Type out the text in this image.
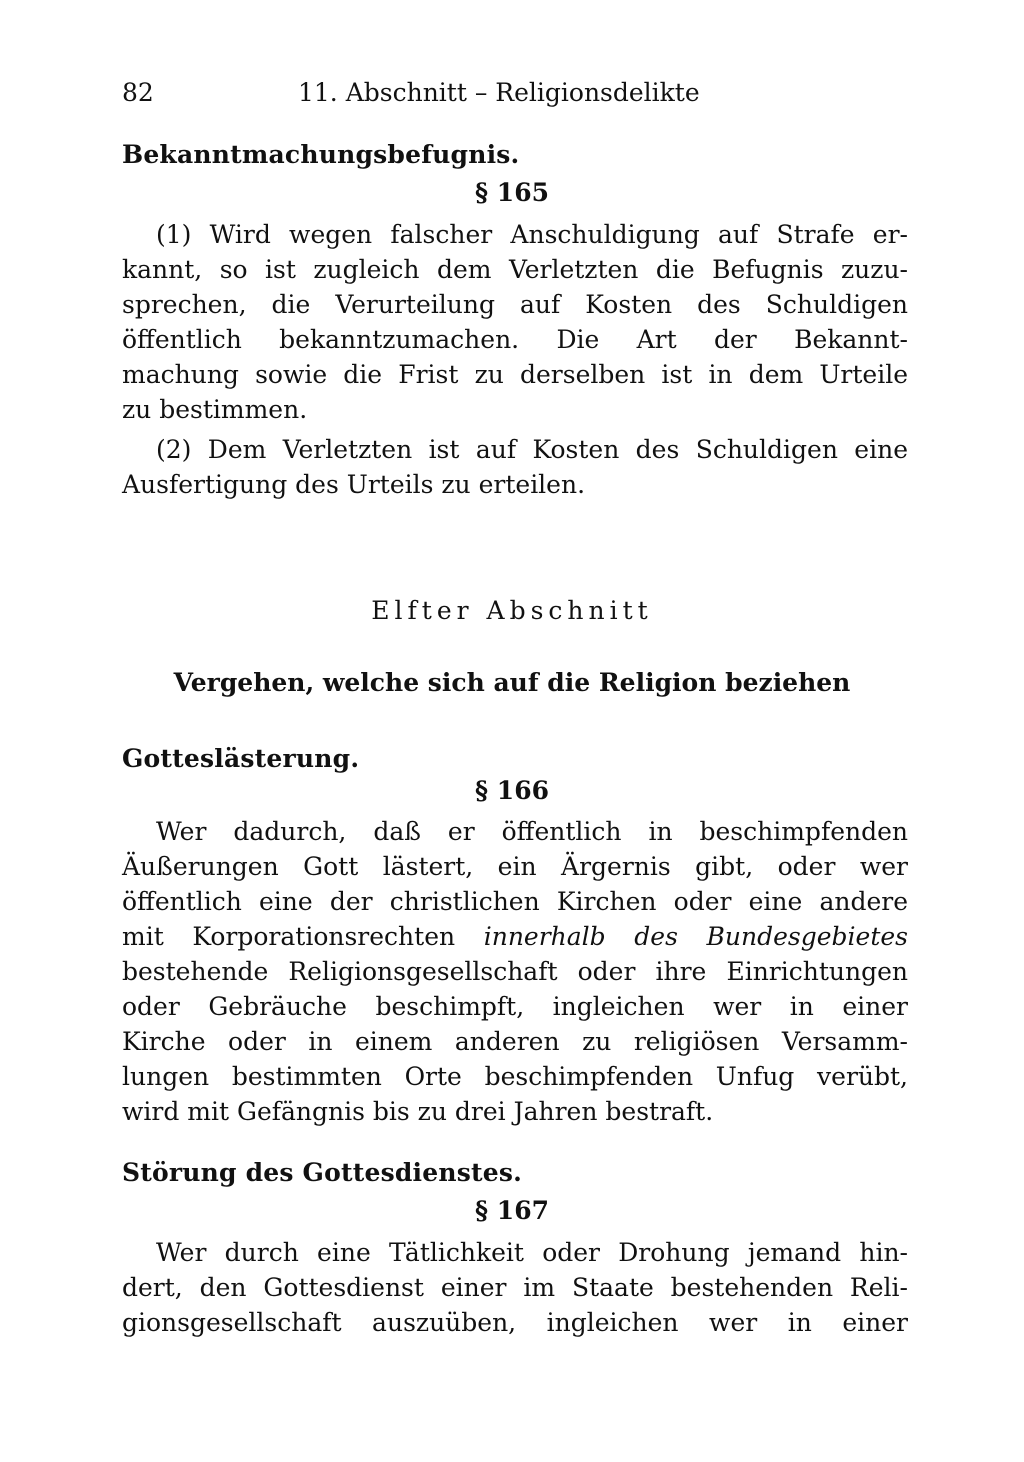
82	11. Abschnitt – Religionsdelikte
Bekanntmachungsbefugnis.
§ 165
(1) Wird wegen falscher Anschuldigung auf Strafe er-
kannt, so ist zugleich dem Verletzten die Befugnis zuzu-
sprechen, die Verurteilung auf Kosten des Schuldigen
öffentlich bekanntzumachen. Die Art der Bekannt-
machung sowie die Frist zu derselben ist in dem Urteile
zu bestimmen.
(2) Dem Verletzten ist auf Kosten des Schuldigen eine
Ausfertigung des Urteils zu erteilen.
Elfter Abschnitt
Vergehen, welche sich auf die Religion beziehen
Gotteslästerung.
§ 166
Wer dadurch, daß er öffentlich in beschimpfenden
Äußerungen Gott lästert, ein Ärgernis gibt, oder wer
öffentlich eine der christlichen Kirchen oder eine andere
mit Korporationsrechten innerhalb des Bundesgebietes
bestehende Religionsgesellschaft oder ihre Einrichtungen
oder Gebräuche beschimpft, ingleichen wer in einer
Kirche oder in einem anderen zu religiösen Versamm-
lungen bestimmten Orte beschimpfenden Unfug verübt,
wird mit Gefängnis bis zu drei Jahren bestraft.
Störung des Gottesdienstes.
§ 167
Wer durch eine Tätlichkeit oder Drohung jemand hin-
dert, den Gottesdienst einer im Staate bestehenden Reli-
gionsgesellschaft auszuüben, ingleichen wer in einer
